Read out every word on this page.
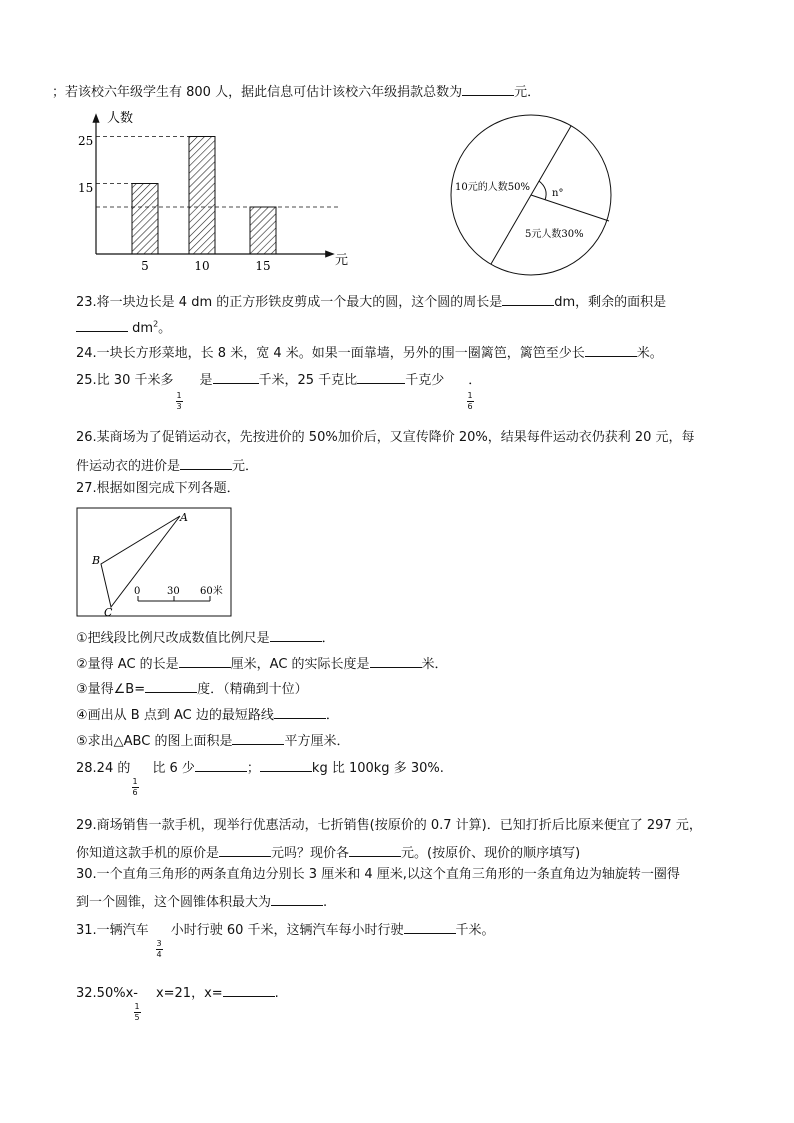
；若该校六年级学生有 800 人，据此信息可估计该校六年级捐款总数为	元．
人数
元
25
15
5	10	15
10元的人数50%
5元人数30%
n°
23.将一块边长是 4 dm 的正方形铁皮剪成一个最大的圆，这个圆的周长是	dm，剩余的面积是
$dm^2$。
24.一块长方形菜地，长 8 米，宽 4 米。如果一面靠墙，另外的围一圈篱笆，篱笆至少长	米。
25.比 30 千米多 是	千米，25 千克比	千克少 ．
1
3
1
6
26.某商场为了促销运动衣，先按进价的 50%加价后，又宣传降价 20%，结果每件运动衣仍获利 20 元，每
件运动衣的进价是	元．
27.根据如图完成下列各题．
A
B
C
0	30 60米
①把线段比例尺改成数值比例尺是	．
②量得 AC 的长是	厘米，AC 的实际长度是	米．
③量得∠B=	度．（精确到十位）
④画出从 B 点到 AC 边的最短路线	．
⑤求出△ABC 的图上面积是	平方厘米．
28.24 的 比 6 少	；	kg 比 100kg 多 30%.
1
6
29.商场销售一款手机，现举行优惠活动，七折销售(按原价的 0.7 计算)．已知打折后比原来便宜了 297 元，
你知道这款手机的原价是	元吗？现价各	元。(按原价、现价的顺序填写)
30.一个直角三角形的两条直角边分别长 3 厘米和 4 厘米,以这个直角三角形的一条直角边为轴旋转一圈得
到一个圆锥，这个圆锥体积最大为	.
31.一辆汽车 小时行驶 60 千米，这辆汽车每小时行驶	千米。
3
4
32.50%x- x=21，x=	.
1
5
